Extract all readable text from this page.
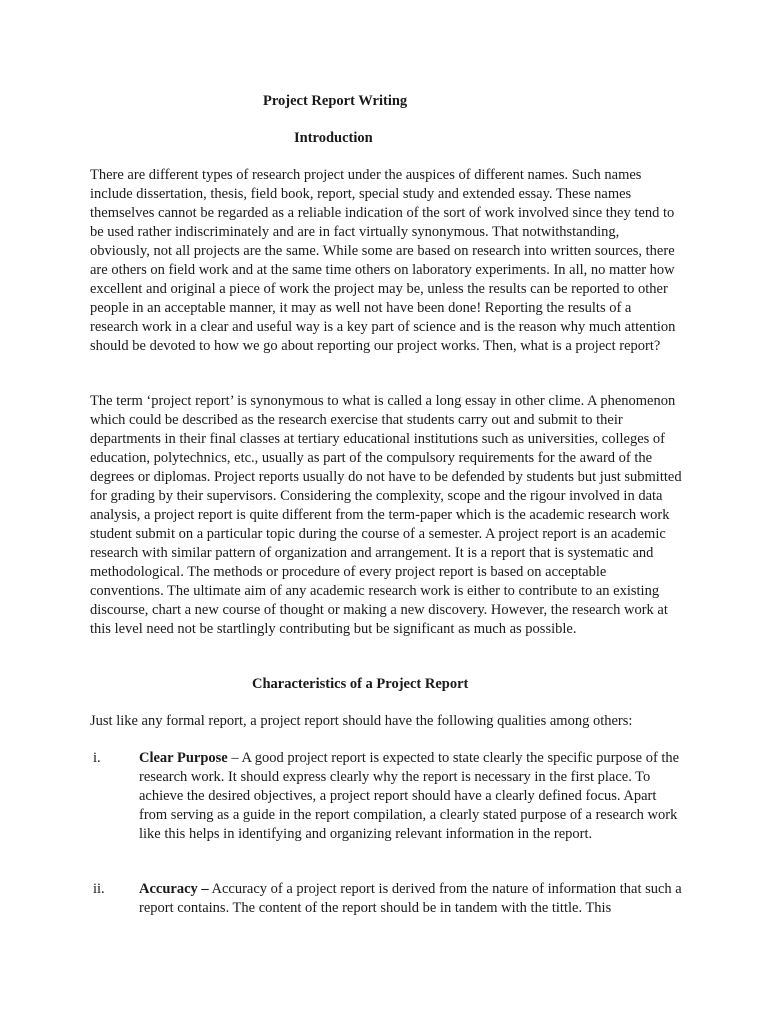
Project Report Writing

Introduction

There are different types of research project under the auspices of different names. Such names include dissertation, thesis, field book, report, special study and extended essay. These names themselves cannot be regarded as a reliable indication of the sort of work involved since they tend to be used rather indiscriminately and are in fact virtually synonymous. That notwithstanding, obviously, not all projects are the same. While some are based on research into written sources, there are others on field work and at the same time others on laboratory experiments. In all, no matter how excellent and original a piece of work the project may be, unless the results can be reported to other people in an acceptable manner, it may as well not have been done! Reporting the results of a research work in a clear and useful way is a key part of science and is the reason why much attention should be devoted to how we go about reporting our project works. Then, what is a project report?

The term ‘project report’ is synonymous to what is called a long essay in other clime. A phenomenon which could be described as the research exercise that students carry out and submit to their departments in their final classes at tertiary educational institutions such as universities, colleges of education, polytechnics, etc., usually as part of the compulsory requirements for the award of the degrees or diplomas. Project reports usually do not have to be defended by students but just submitted for grading by their supervisors. Considering the complexity, scope and the rigour involved in data analysis, a project report is quite different from the term-paper which is the academic research work student submit on a particular topic during the course of a semester. A project report is an academic research with similar pattern of organization and arrangement. It is a report that is systematic and methodological. The methods or procedure of every project report is based on acceptable conventions. The ultimate aim of any academic research work is either to contribute to an existing discourse, chart a new course of thought or making a new discovery. However, the research work at this level need not be startlingly contributing but be significant as much as possible.

Characteristics of a Project Report

Just like any formal report, a project report should have the following qualities among others:

i.	Clear Purpose – A good project report is expected to state clearly the specific purpose of the research work. It should express clearly why the report is necessary in the first place. To achieve the desired objectives, a project report should have a clearly defined focus. Apart from serving as a guide in the report compilation, a clearly stated purpose of a research work like this helps in identifying and organizing relevant information in the report.
ii. Accuracy – Accuracy of a project report is derived from the nature of information that such a report contains. The content of the report should be in tandem with the tittle. This
